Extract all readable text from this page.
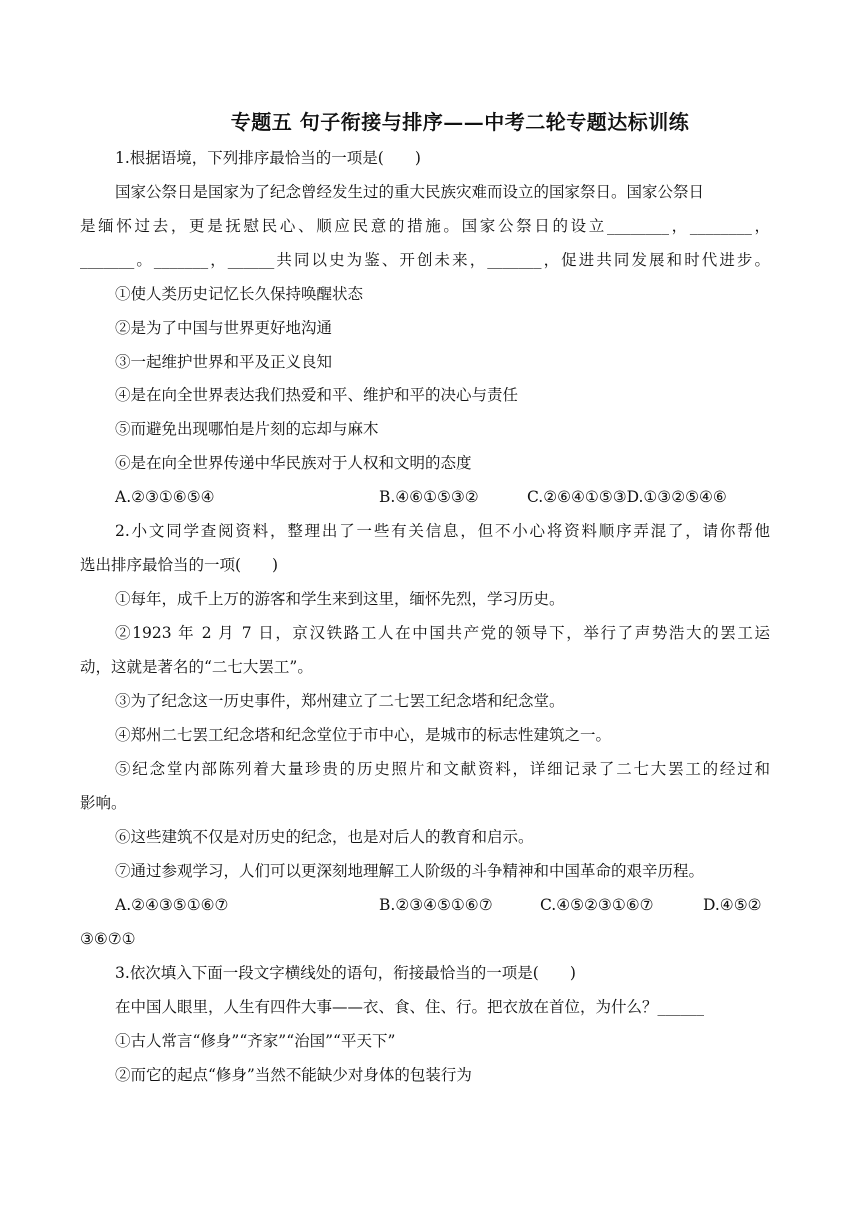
专题五 句子衔接与排序——中考二轮专题达标训练
1.根据语境，下列排序最恰当的一项是(　　)
国家公祭日是国家为了纪念曾经发生过的重大民族灾难而设立的国家祭日。国家公祭日
是缅怀过去，更是抚慰民心、顺应民意的措施。国家公祭日的设立________，________，
_______。_______，______共同以史为鉴、开创未来，_______，促进共同发展和时代进步。
①使人类历史记忆长久保持唤醒状态
②是为了中国与世界更好地沟通
③一起维护世界和平及正义良知
④是在向全世界表达我们热爱和平、维护和平的决心与责任
⑤而避免出现哪怕是片刻的忘却与麻木
⑥是在向全世界传递中华民族对于人权和文明的态度
A.②③①⑥⑤④	B.④⑥①⑤③②	C.②⑥④①⑤③D.①③②⑤④⑥
2.小文同学查阅资料，整理出了一些有关信息，但不小心将资料顺序弄混了，请你帮他
选出排序最恰当的一项(　　)
①每年，成千上万的游客和学生来到这里，缅怀先烈，学习历史。
②1923 年 2 月 7 日，京汉铁路工人在中国共产党的领导下，举行了声势浩大的罢工运
动，这就是著名的“二七大罢工”。
③为了纪念这一历史事件，郑州建立了二七罢工纪念塔和纪念堂。
④郑州二七罢工纪念塔和纪念堂位于市中心，是城市的标志性建筑之一。
⑤纪念堂内部陈列着大量珍贵的历史照片和文献资料，详细记录了二七大罢工的经过和
影响。
⑥这些建筑不仅是对历史的纪念，也是对后人的教育和启示。
⑦通过参观学习，人们可以更深刻地理解工人阶级的斗争精神和中国革命的艰辛历程。
A.②④③⑤①⑥⑦	B.②③④⑤①⑥⑦	C.④⑤②③①⑥⑦	D.④⑤②
③⑥⑦①
3.依次填入下面一段文字横线处的语句，衔接最恰当的一项是(　　)
在中国人眼里，人生有四件大事——衣、食、住、行。把衣放在首位，为什么？______
①古人常言“修身”“齐家”“治国”“平天下”
②而它的起点“修身”当然不能缺少对身体的包装行为
